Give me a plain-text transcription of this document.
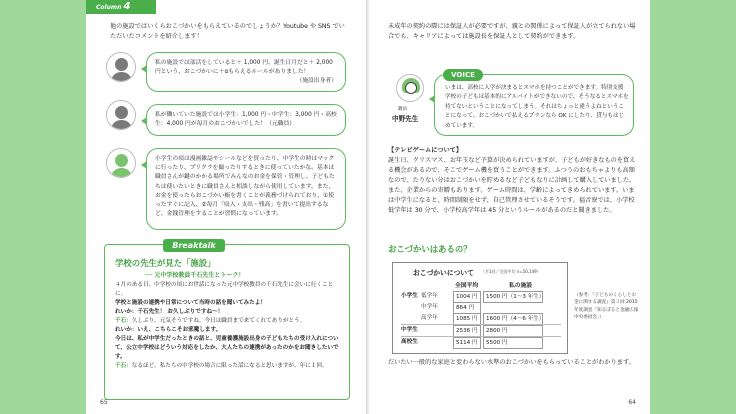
Column 4
他の施設ではいくらおこづかいをもらえているのでしょうか？Youtube や SNS でいただいたコメントを紹介します！
私の施設では部活をしていると＋ 1,000 円、誕生日月だと＋ 2,000 円という、おこづかいに＋αもらえるルールがありました！
（施設出身者）
私が働いていた施設では小学生：1,000 円・中学生：3,000 円・高校生：4,000 円が毎月のおこづかいでした！（元職員）
小学生の頃は漫画雑誌やシールなどを買ったり、中学生の時はマックに行ったり、プリクラを撮ったりするときに使っていたかな。基本は職員さんが鍵のかかる場所でみんなのお金を保管・管理し、子どもたちは使いたいときに職員さんと相談しながら使用しています。また、お金を使ったらおこづかい帳を書くことが義務づけられており、①使ったすぐに記入、②毎月「収入・支出・残高」を書いて提出するなど、金銭管理をすることが習慣になっています。
Breaktalk
学校の先生が見た「施設」
── 元中学校教員千石先生とトーク！
４月のある日、中学校の頃にお世話になった元中学校教員の千石先生に会いに行くことに。
学校と施設の連携や日常について当時の話を聞いてみたよ！
れいか：千石先生！ お久しぶりですね〜！
千石：久しぶり。元気そうですね。今日は職員まで来てくれてありがとう。
れいか：いえ、こちらこそお邪魔します。
今日は、私が中学生だったときの話と、児童養護施設出身の子どもたちの受け入れについて、公立中学校はどういう対応をしたか、大人たちの連携があったのかをお聞きしたいです。
千石：なるほど。私たちの中学校の場合に限った話になると思いますが、年に１回、
65
未成年の契約の際には保証人が必要ですが、親との関係によって保証人が立てられない場合でも、キャリアによっては施設長を保証人として契約ができます。
職員
中野先生
VOICE
いまは、高校に入学が決まるとスマホを持つことができます。特別支援学校の子どもは基本的にアルバイトができないので、そうなるとスマホを持てないということになってしまう。それはちょっと違うよねということになって、おこづかいで払えるプランなら OK にしたり、貸与もはじめています。
【テレビゲームについて】
誕生日、クリスマス、お年玉など予算が決められていますが、子どもが好きなものを買える機会があるので、そこでゲーム機を買うことができます。ふつうのおもちゃよりも高額なので、たりない分はおこづかいを貯めるなど子どもなりに計画して購入していました。また、企業からの寄贈もあります。ゲーム時間は、学齢によってきめられています。いまは中学生になると、時間制限をせず、自己管理させているそうです。福音寮では、小学校低学年は 30 分で、小学校高学年は 45 分というルールがあるのだと聞きました。
おこづかいはあるの？
おこづかいについて （月1回／全国平均 n=50,149）
全国平均	私の施設
小学生 低学年	1004 円	1500 円（1〜3 年生）
中学年	864 円
高学年	1085 円	1600 円（4〜6 年生）
中学生	2536 円	2800 円
高校生	5114 円	5500 円
（参考：『子どものくらしとお金に関する調査』第３回 2015 年度調査「知るぽると金融広報中央委員会」）
だいたい一般的な家庭と変わらない水準のおこづかいをもらっていることがわかります。
64
